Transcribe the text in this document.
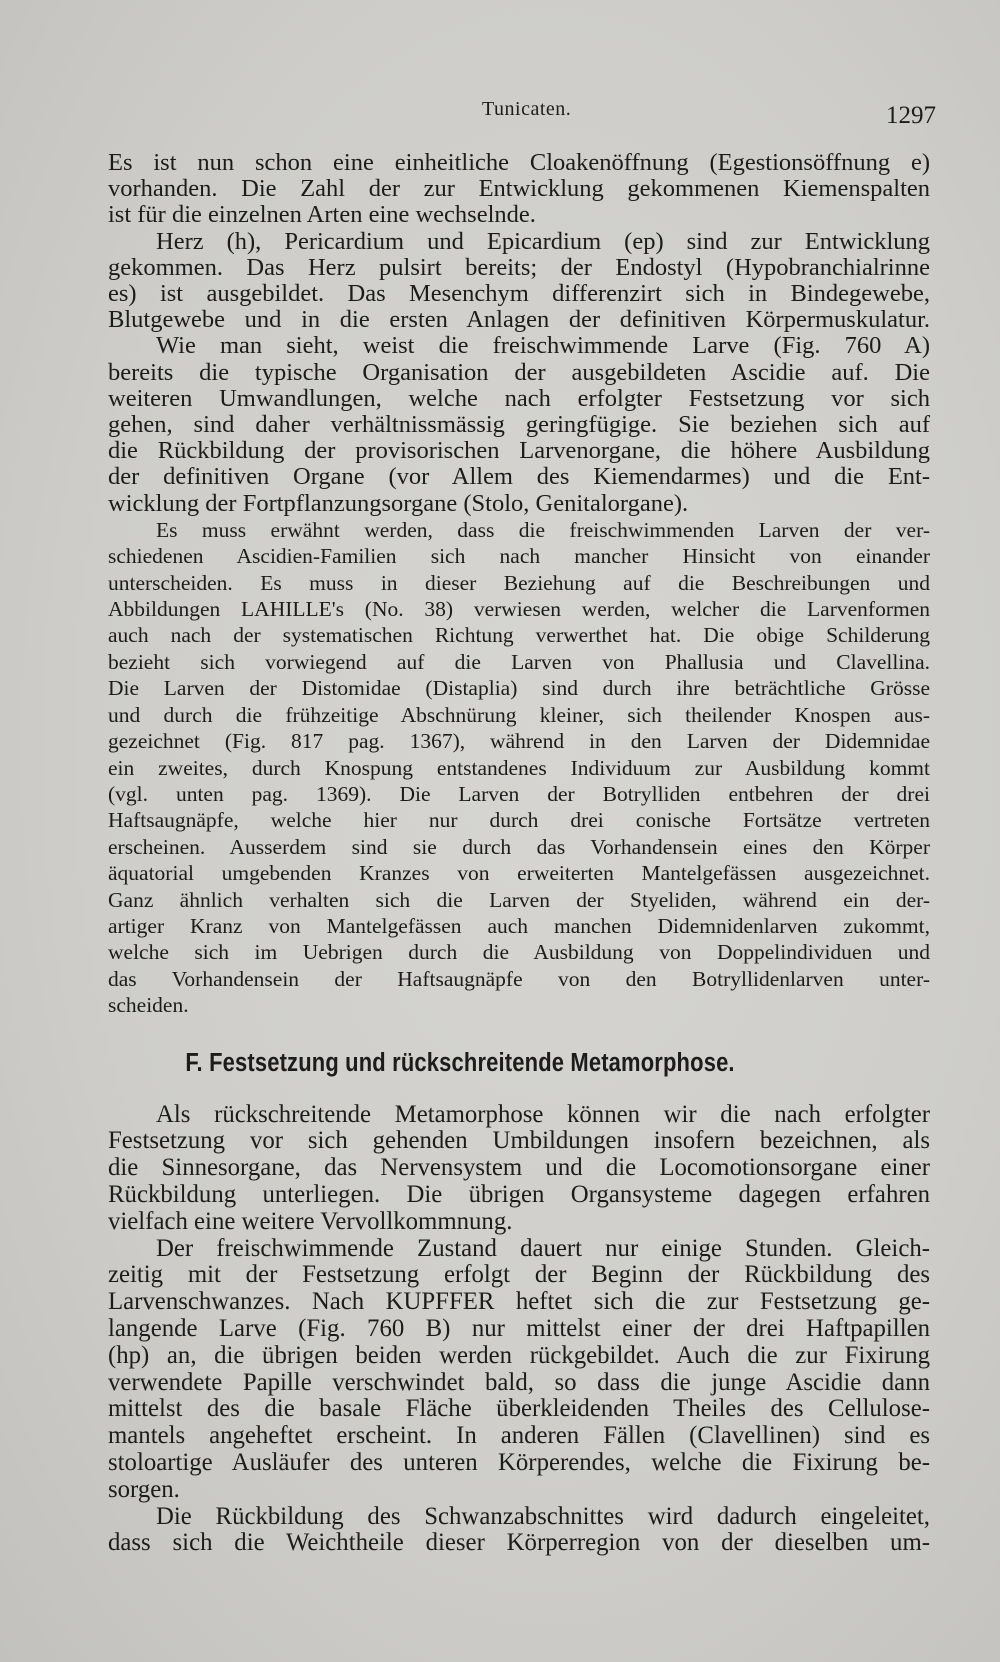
Tunicaten.	1297

Es ist nun schon eine einheitliche Cloakenöffnung (Egestionsöffnung e)

vorhanden. Die Zahl der zur Entwicklung gekommenen Kiemenspalten

ist für die einzelnen Arten eine wechselnde.

Herz (h), Pericardium und Epicardium (ep) sind zur Entwicklung

gekommen. Das Herz pulsirt bereits; der Endostyl (Hypobranchialrinne

es) ist ausgebildet. Das Mesenchym differenzirt sich in Bindegewebe,

Blutgewebe und in die ersten Anlagen der definitiven Körpermuskulatur.

Wie man sieht, weist die freischwimmende Larve (Fig. 760 A)

bereits die typische Organisation der ausgebildeten Ascidie auf. Die

weiteren Umwandlungen, welche nach erfolgter Festsetzung vor sich

gehen, sind daher verhältnissmässig geringfügige. Sie beziehen sich auf

die Rückbildung der provisorischen Larvenorgane, die höhere Ausbildung

der definitiven Organe (vor Allem des Kiemendarmes) und die Ent-

wicklung der Fortpflanzungsorgane (Stolo, Genitalorgane).

Es muss erwähnt werden, dass die freischwimmenden Larven der ver-

schiedenen Ascidien-Familien sich nach mancher Hinsicht von einander

unterscheiden. Es muss in dieser Beziehung auf die Beschreibungen und

Abbildungen LAHILLE's (No. 38) verwiesen werden, welcher die Larvenformen

auch nach der systematischen Richtung verwerthet hat. Die obige Schilderung

bezieht sich vorwiegend auf die Larven von Phallusia und Clavellina.

Die Larven der Distomidae (Distaplia) sind durch ihre beträchtliche Grösse

und durch die frühzeitige Abschnürung kleiner, sich theilender Knospen aus-

gezeichnet (Fig. 817 pag. 1367), während in den Larven der Didemnidae

ein zweites, durch Knospung entstandenes Individuum zur Ausbildung kommt

(vgl. unten pag. 1369). Die Larven der Botrylliden entbehren der drei

Haftsaugnäpfe, welche hier nur durch drei conische Fortsätze vertreten

erscheinen. Ausserdem sind sie durch das Vorhandensein eines den Körper

äquatorial umgebenden Kranzes von erweiterten Mantelgefässen ausgezeichnet.

Ganz ähnlich verhalten sich die Larven der Styeliden, während ein der-

artiger Kranz von Mantelgefässen auch manchen Didemnidenlarven zukommt,

welche sich im Uebrigen durch die Ausbildung von Doppelindividuen und

das Vorhandensein der Haftsaugnäpfe von den Botryllidenlarven unter-

scheiden.

F. Festsetzung und rückschreitende Metamorphose.

Als rückschreitende Metamorphose können wir die nach erfolgter

Festsetzung vor sich gehenden Umbildungen insofern bezeichnen, als

die Sinnesorgane, das Nervensystem und die Locomotionsorgane einer

Rückbildung unterliegen. Die übrigen Organsysteme dagegen erfahren

vielfach eine weitere Vervollkommnung.

Der freischwimmende Zustand dauert nur einige Stunden. Gleich-

zeitig mit der Festsetzung erfolgt der Beginn der Rückbildung des

Larvenschwanzes. Nach KUPFFER heftet sich die zur Festsetzung ge-

langende Larve (Fig. 760 B) nur mittelst einer der drei Haftpapillen

(hp) an, die übrigen beiden werden rückgebildet. Auch die zur Fixirung

verwendete Papille verschwindet bald, so dass die junge Ascidie dann

mittelst des die basale Fläche überkleidenden Theiles des Cellulose-

mantels angeheftet erscheint. In anderen Fällen (Clavellinen) sind es

stoloartige Ausläufer des unteren Körperendes, welche die Fixirung be-

sorgen.

Die Rückbildung des Schwanzabschnittes wird dadurch eingeleitet,

dass sich die Weichtheile dieser Körperregion von der dieselben um-
